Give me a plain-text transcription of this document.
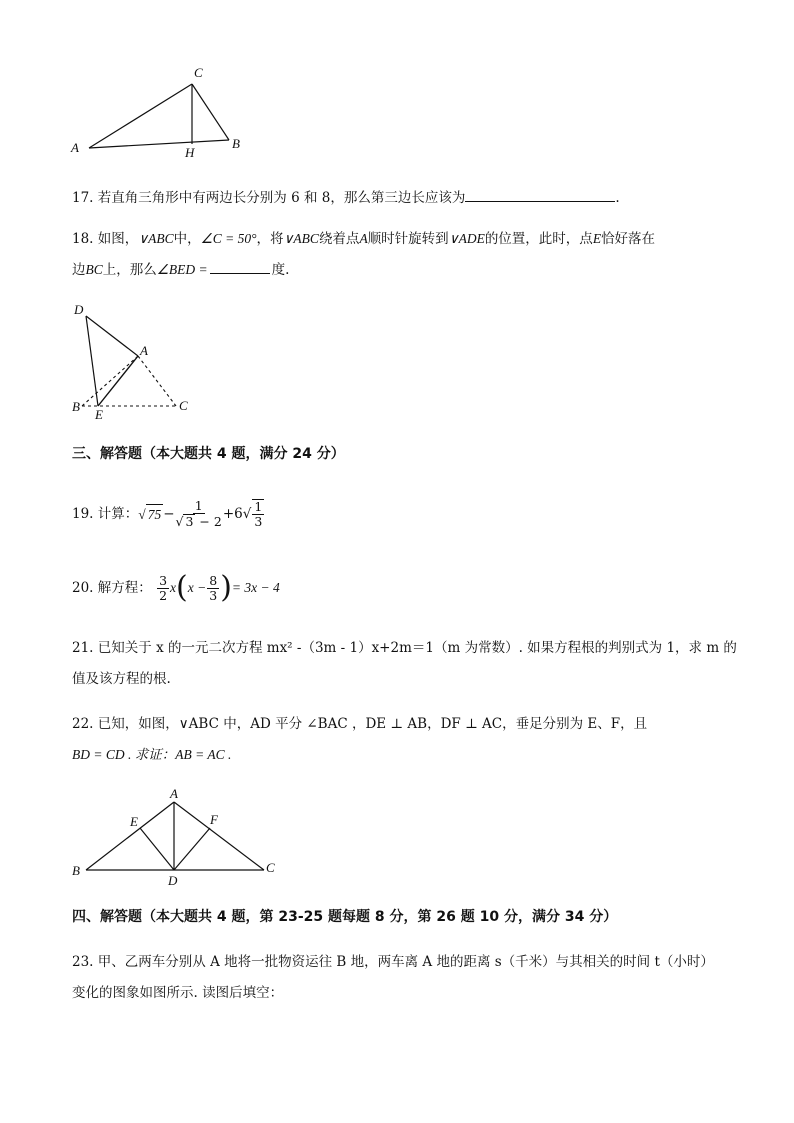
C
A	B
H
17. 若直角三角形中有两边长分别为 6 和 8，那么第三边长应该为	.
18. 如图，∨ABC中，∠C = 50°，将∨ABC绕着点A顺时针旋转到∨ADE的位置，此时，点E恰好落在
边BC上，那么∠BED =	度.
D
A
B
E
C
三、解答题（本大题共 4 题，满分 24 分）
19.
计算： √ $75 - \frac{1}{√ 3 - 2} +6$ √ $\frac{1}{3}$
20.
解方程：
$\frac{3}{2}$ x ( $x - \frac{8}{3}$ ) = 3x − 4
21. 已知关于 x 的一元二次方程 mx² -（3m - 1）x+2m＝1（m 为常数）. 如果方程根的判别式为 1，求 m 的
值及该方程的根.
22. 已知，如图，∨ABC 中，AD 平分 ∠BAC ，DE ⊥ AB，DF ⊥ AC，垂足分别为 E、F，且
BD = CD . 求证：AB = AC .
A
E	F
B
D
C
四、解答题（本大题共 4 题，第 23-25 题每题 8 分，第 26 题 10 分，满分 34 分）
23. 甲、乙两车分别从 A 地将一批物资运往 B 地，两车离 A 地的距离 s（千米）与其相关的时间 t（小时）
变化的图象如图所示. 读图后填空：
